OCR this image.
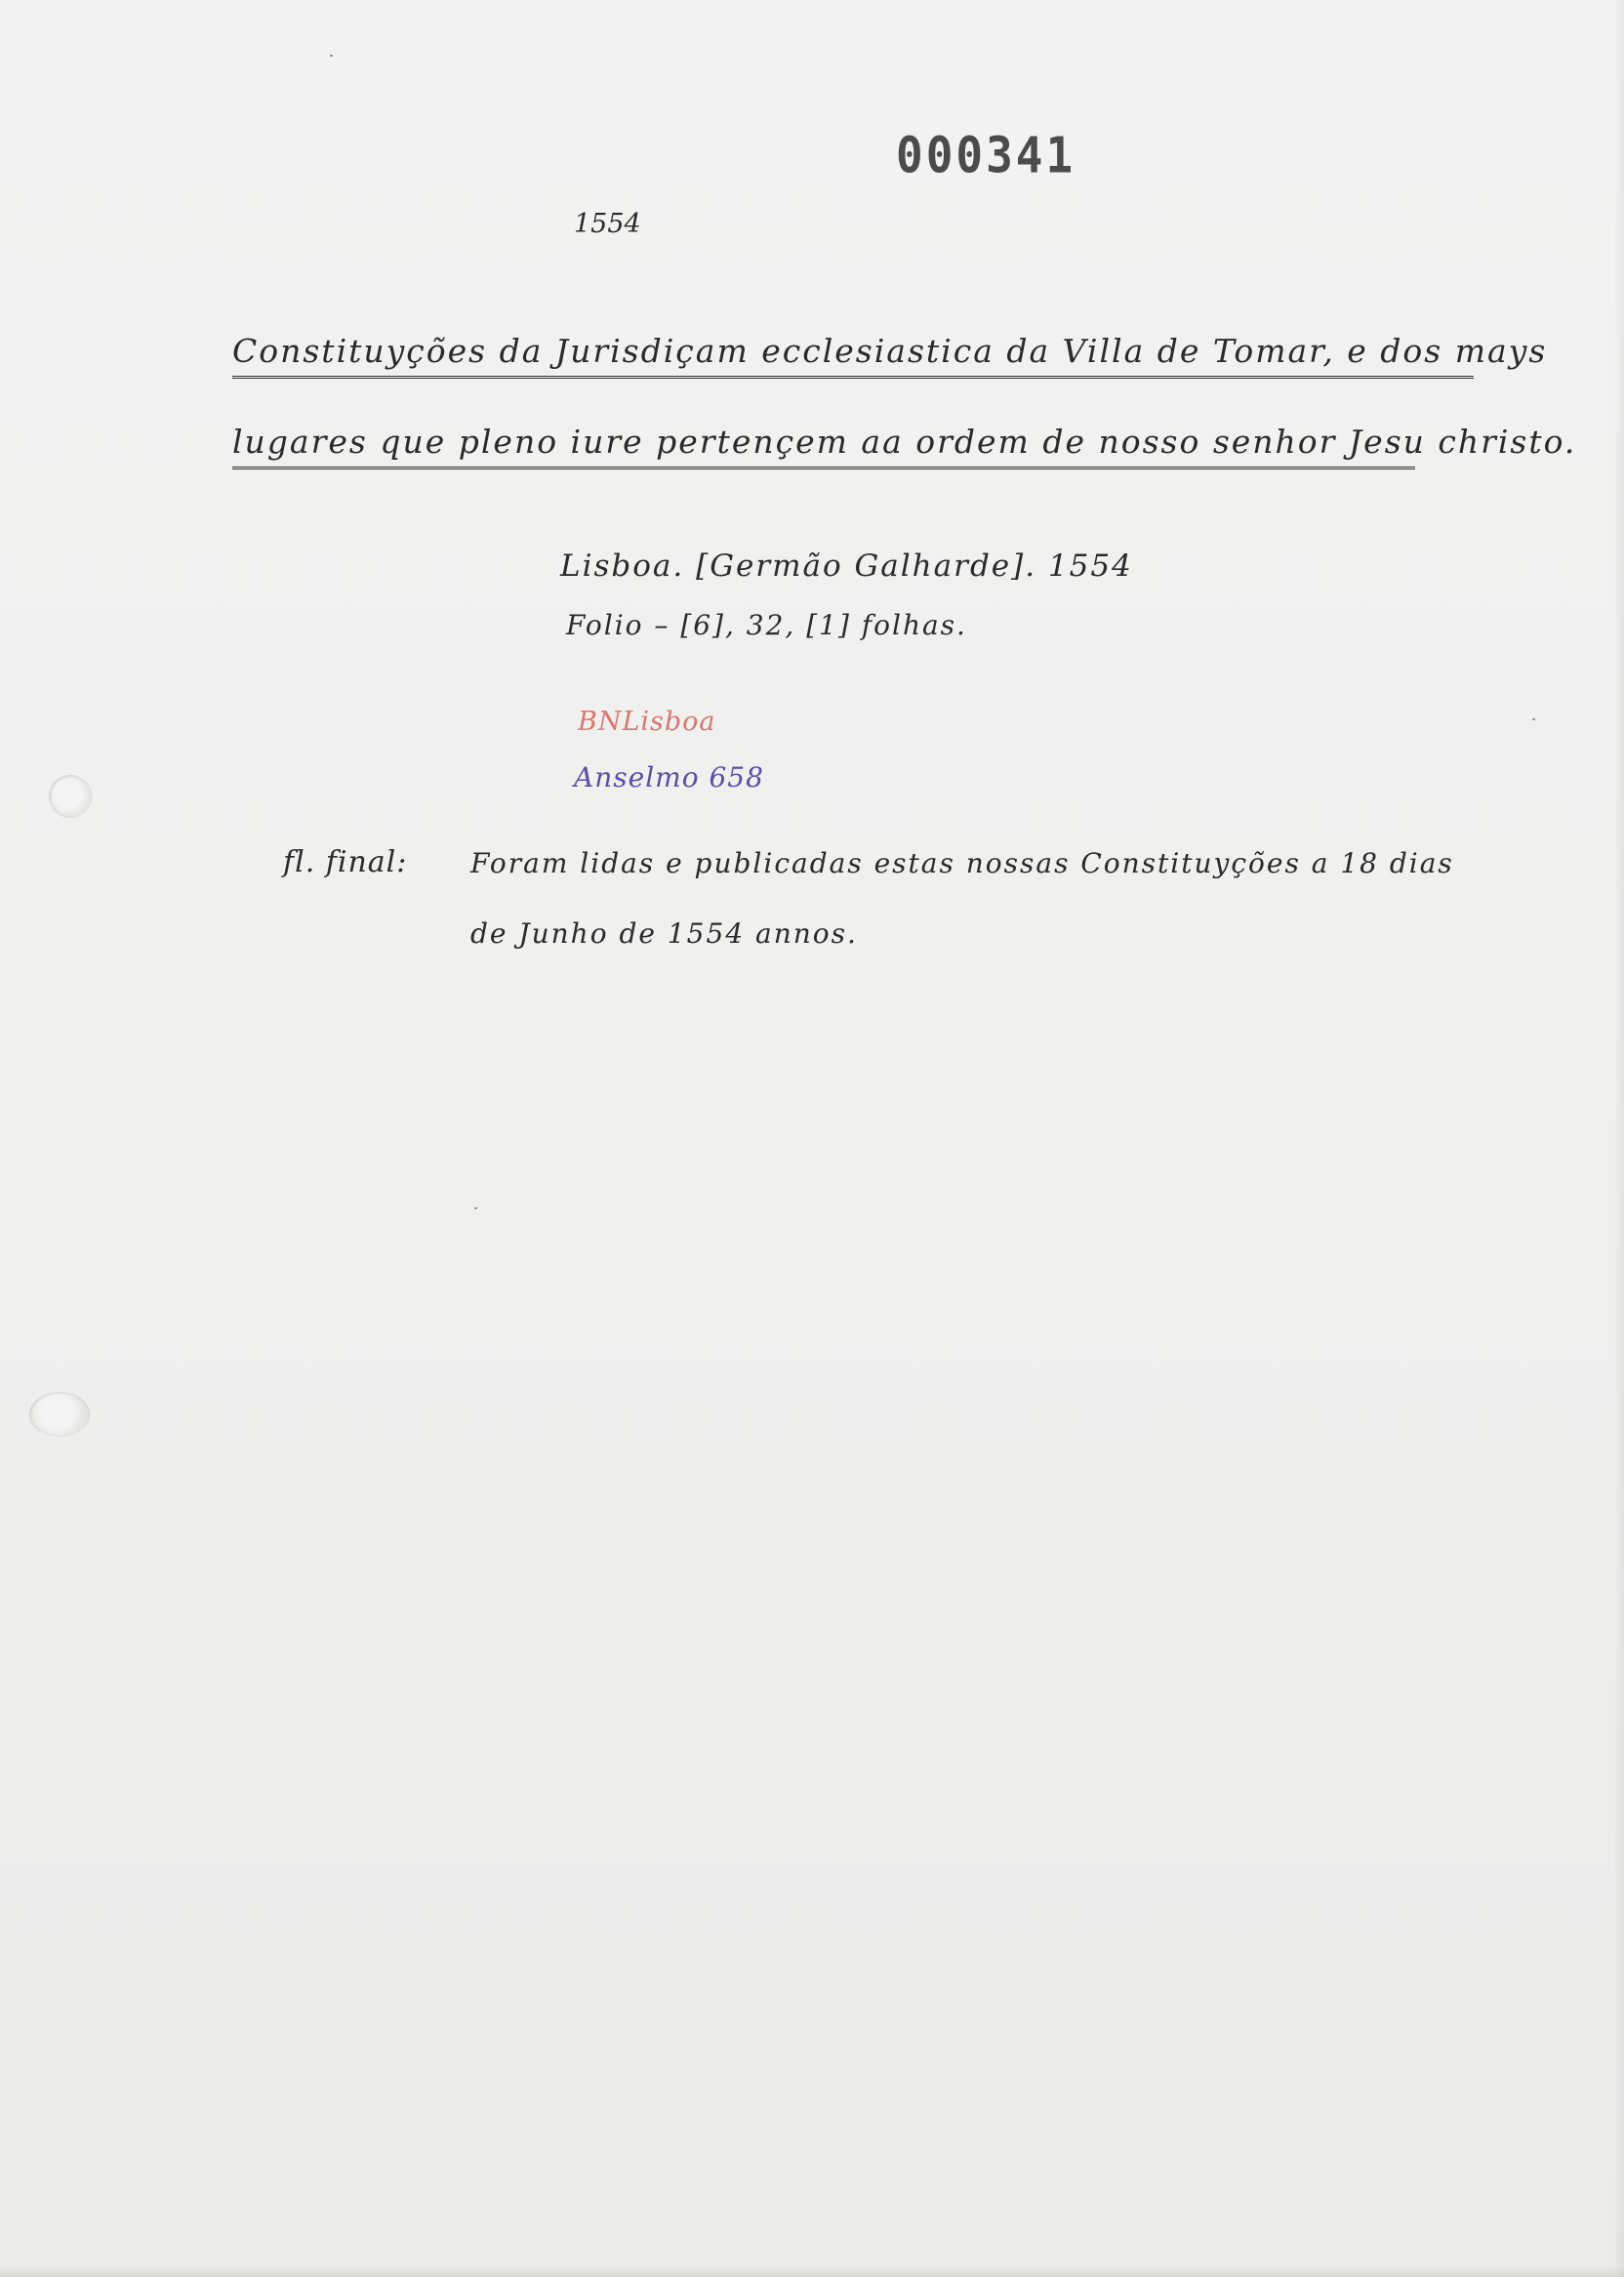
000341
1554
Constituyções da Jurisdiçam ecclesiastica da Villa de Tomar, e dos mays
lugares que pleno iure pertençem aa ordem de nosso senhor Jesu christo.
Lisboa. [Germão Galharde]. 1554
Folio – [6], 32, [1] folhas.
BNLisboa
Anselmo 658
fl. final: Foram lidas e publicadas estas nossas Constituyções a 18 dias
de Junho de 1554 annos.
